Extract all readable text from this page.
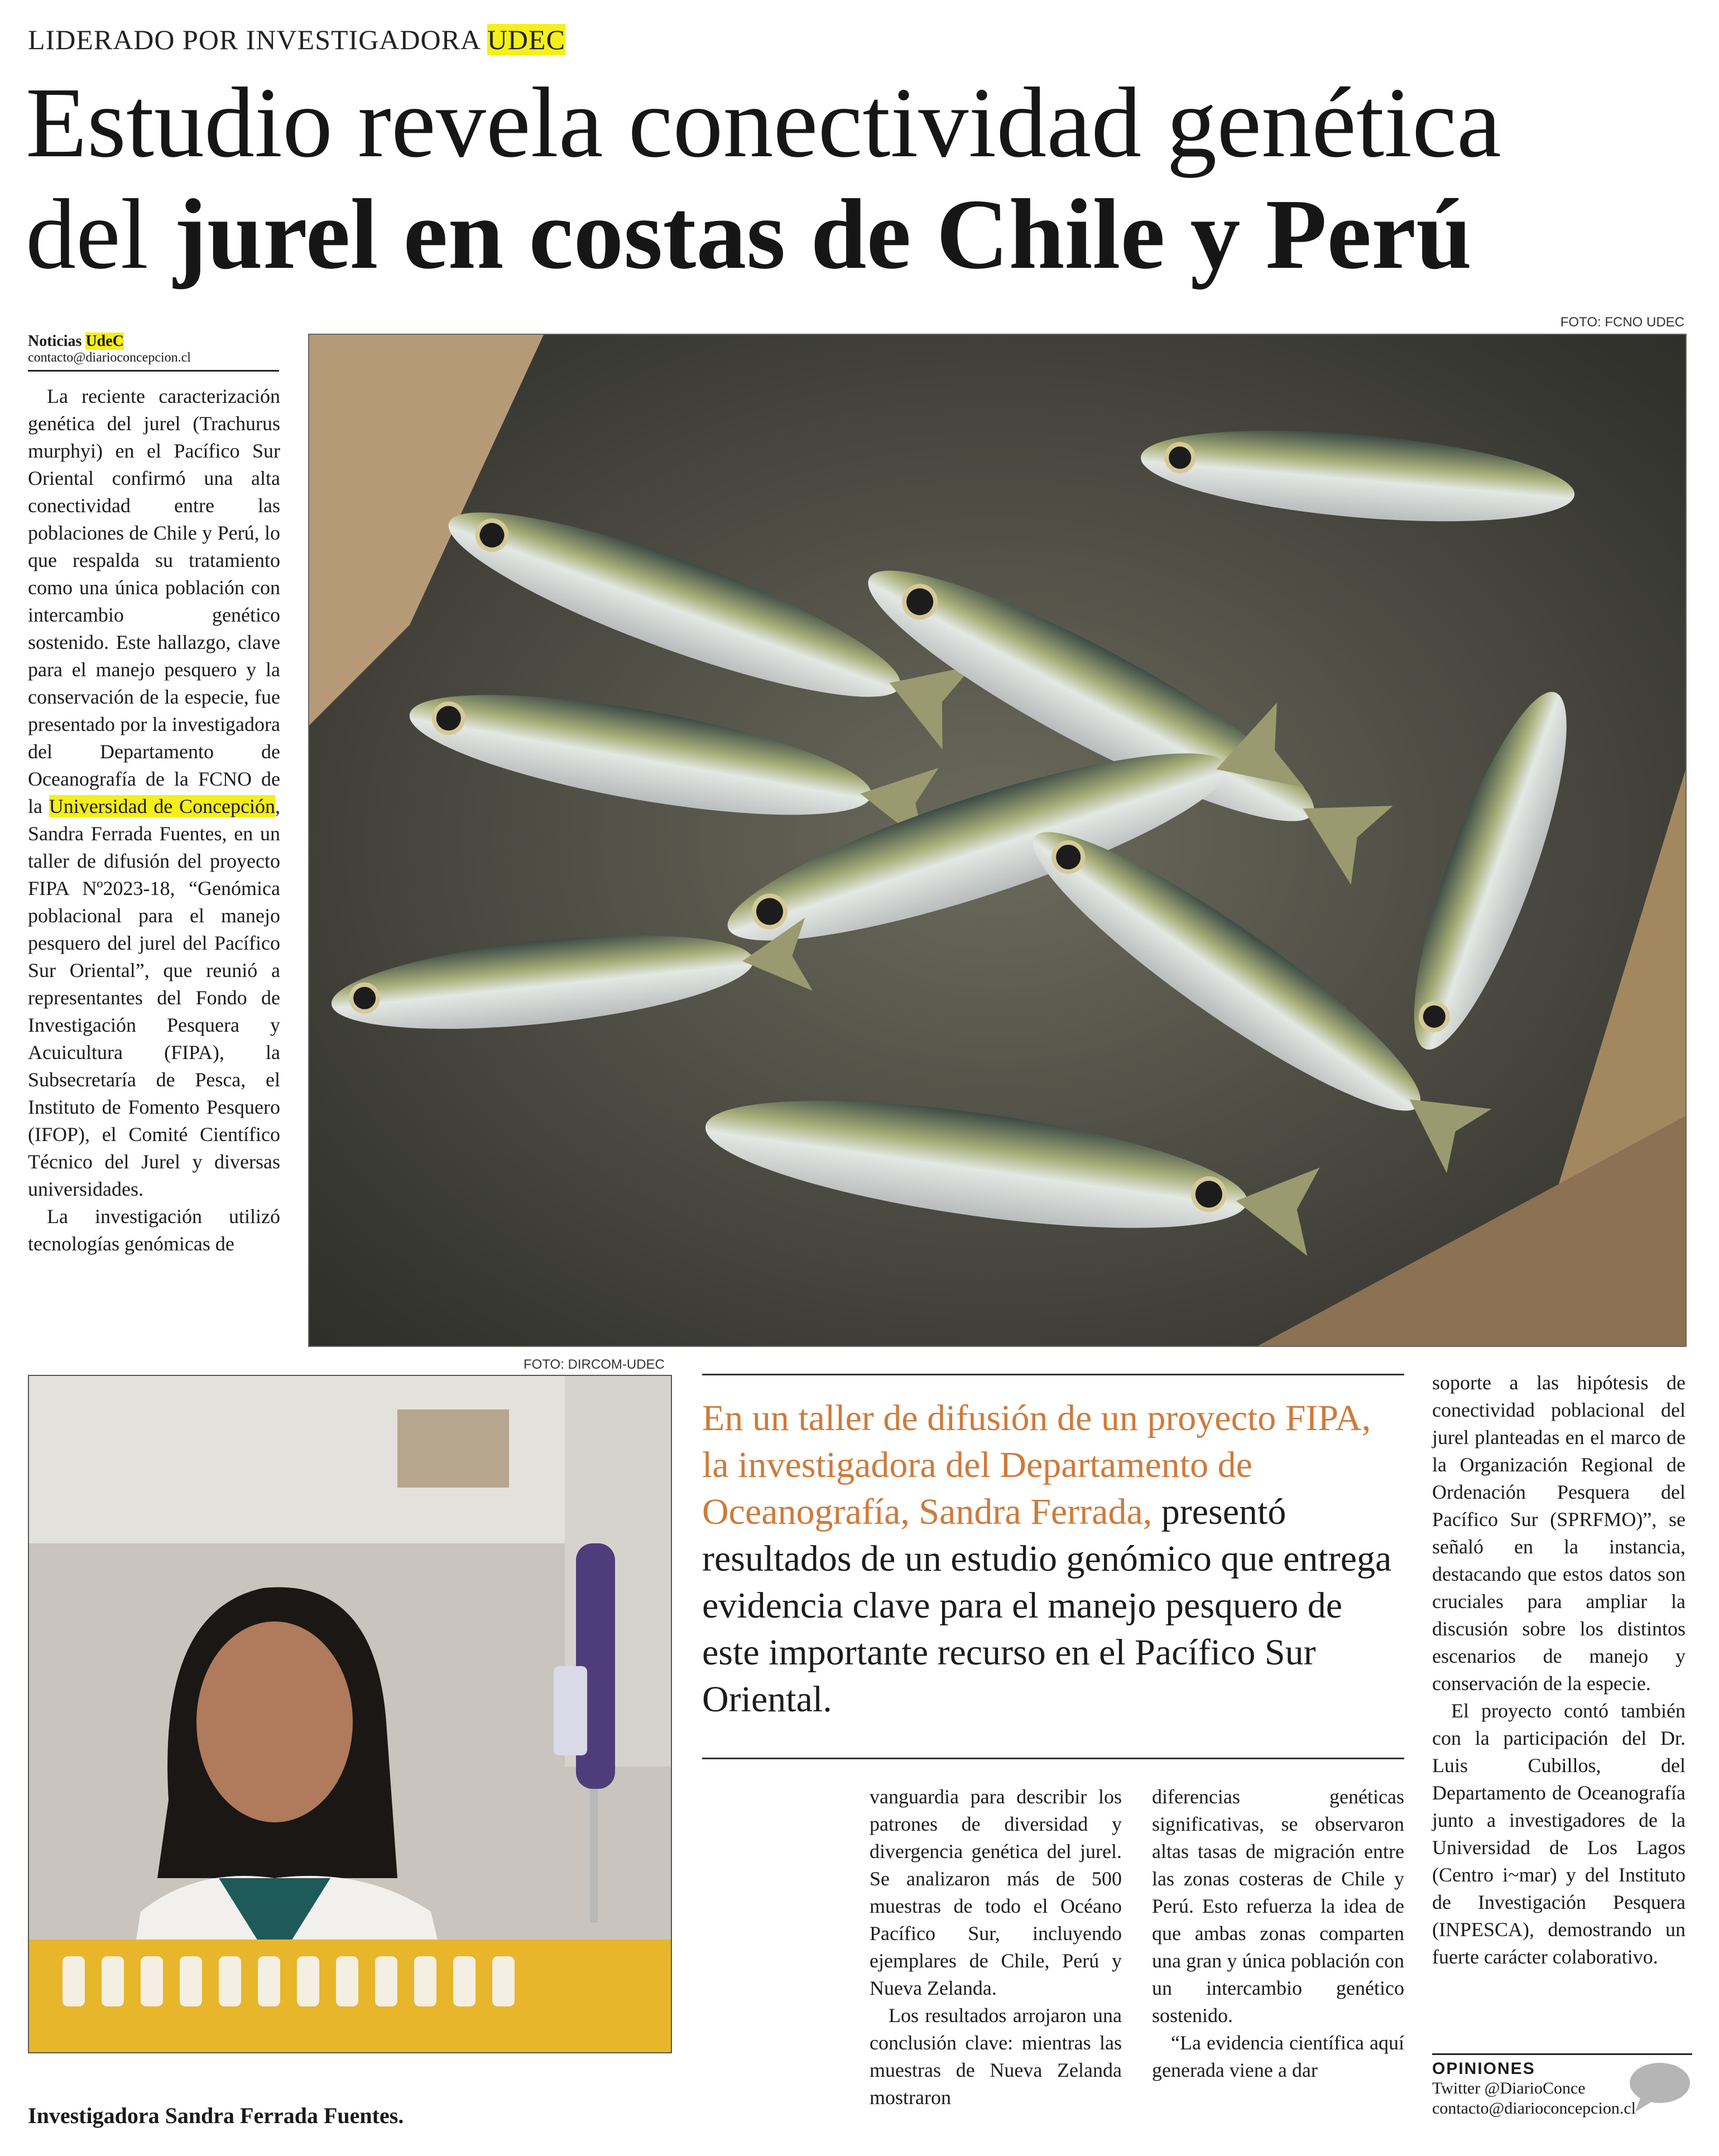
LIDERADO POR INVESTIGADORA UDEC
Estudio revela conectividad genética
del jurel en costas de Chile y Perú
Noticias UdeC
contacto@diarioconcepcion.cl
FOTO: FCNO UDEC

La reciente caracterización genética del jurel (Trachurus murphyi) en el Pacífico Sur Oriental confirmó una alta conectividad entre las poblaciones de Chile y Perú, lo que respalda su tratamiento como una única población con intercambio genético sostenido. Este hallazgo, clave para el manejo pesquero y la conservación de la especie, fue presentado por la investigadora del Departamento de Oceanografía de la FCNO de la Universidad de Concepción, Sandra Ferrada Fuentes, en un taller de difusión del proyecto FIPA Nº2023-18, “Genómica poblacional para el manejo pesquero del jurel del Pacífico Sur Oriental”, que reunió a representantes del Fondo de Investigación Pesquera y Acuicultura (FIPA), la Subsecretaría de Pesca, el Instituto de Fomento Pesquero (IFOP), el Comité Científico Técnico del Jurel y diversas universidades.

La investigación utilizó tecnologías genómicas de

FOTO: DIRCOM-UDEC
Investigadora Sandra Ferrada Fuentes.
En un taller de difusión de un proyecto FIPA, la investigadora del Departamento de Oceanografía, Sandra Ferrada, presentó resultados de un estudio genómico que entrega evidencia clave para el manejo pesquero de este importante recurso en el Pacífico Sur Oriental.

vanguardia para describir los patrones de diversidad y divergencia genética del jurel. Se analizaron más de 500 muestras de todo el Océano Pacífico Sur, incluyendo ejemplares de Chile, Perú y Nueva Zelanda.

Los resultados arrojaron una conclusión clave: mientras las muestras de Nueva Zelanda mostraron

diferencias genéticas significativas, se observaron altas tasas de migración entre las zonas costeras de Chile y Perú. Esto refuerza la idea de que ambas zonas comparten una gran y única población con un intercambio genético sostenido.

“La evidencia científica aquí generada viene a dar

soporte a las hipótesis de conectividad poblacional del jurel planteadas en el marco de la Organización Regional de Ordenación Pesquera del Pacífico Sur (SPRFMO)”, se señaló en la instancia, destacando que estos datos son cruciales para ampliar la discusión sobre los distintos escenarios de manejo y conservación de la especie.

El proyecto contó también con la participación del Dr. Luis Cubillos, del Departamento de Oceanografía junto a investigadores de la Universidad de Los Lagos (Centro i~mar) y del Instituto de Investigación Pesquera (INPESCA), demostrando un fuerte carácter colaborativo.

OPINIONES
Twitter @DiarioConce
contacto@diarioconcepcion.cl
